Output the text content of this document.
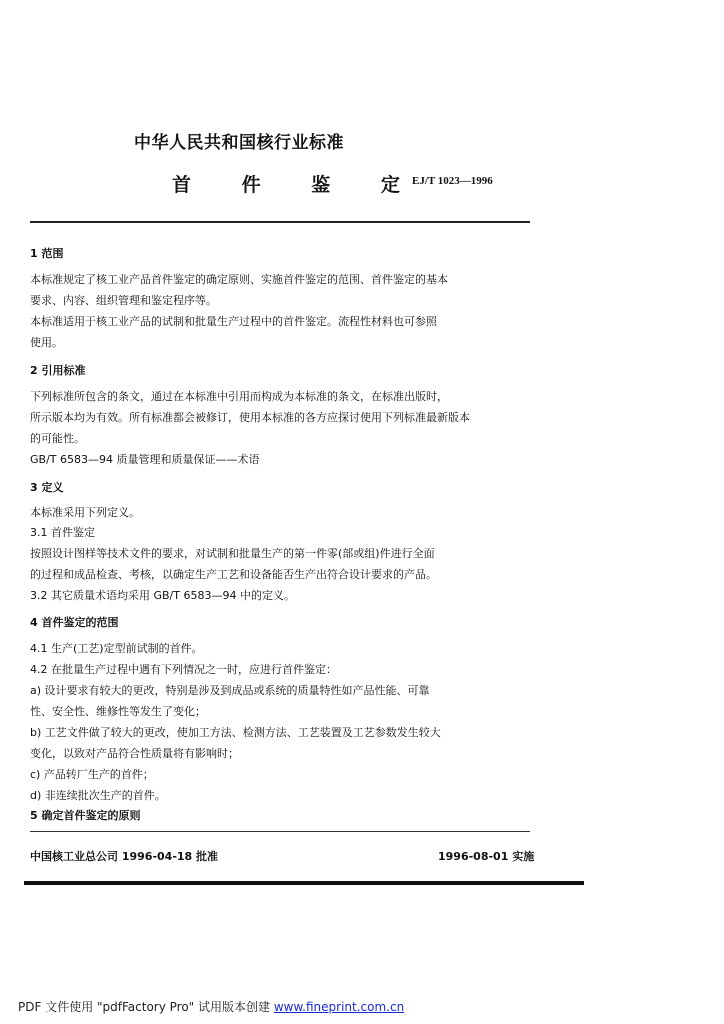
中华人民共和国核行业标准
首 件 鉴 定
EJ/T 1023—1996
1 范围
本标准规定了核工业产品首件鉴定的确定原则、实施首件鉴定的范围、首件鉴定的基本
要求、内容、组织管理和鉴定程序等。
本标准适用于核工业产品的试制和批量生产过程中的首件鉴定。流程性材料也可参照
使用。
2 引用标准
下列标准所包含的条文，通过在本标准中引用而构成为本标准的条文，在标准出版时，
所示版本均为有效。所有标准都会被修订，使用本标准的各方应探讨使用下列标准最新版本
的可能性。
GB/T 6583—94 质量管理和质量保证——术语
3 定义
本标准采用下列定义。
3.1 首件鉴定
按照设计图样等技术文件的要求，对试制和批量生产的第一件零(部或组)件进行全面
的过程和成品检查、考核，以确定生产工艺和设备能否生产出符合设计要求的产品。
3.2 其它质量术语均采用 GB/T 6583—94 中的定义。
4 首件鉴定的范围
4.1 生产(工艺)定型前试制的首件。
4.2 在批量生产过程中遇有下列情况之一时，应进行首件鉴定：
a) 设计要求有较大的更改，特别是涉及到成品或系统的质量特性如产品性能、可靠
性、安全性、维修性等发生了变化；
b) 工艺文件做了较大的更改，使加工方法、检测方法、工艺装置及工艺参数发生较大
变化，以致对产品符合性质量将有影响时；
c) 产品转厂生产的首件；
d) 非连续批次生产的首件。
5 确定首件鉴定的原则
中国核工业总公司 1996-04-18 批准	1996-08-01 实施
PDF 文件使用 "pdfFactory Pro" 试用版本创建 www.fineprint.com.cn
